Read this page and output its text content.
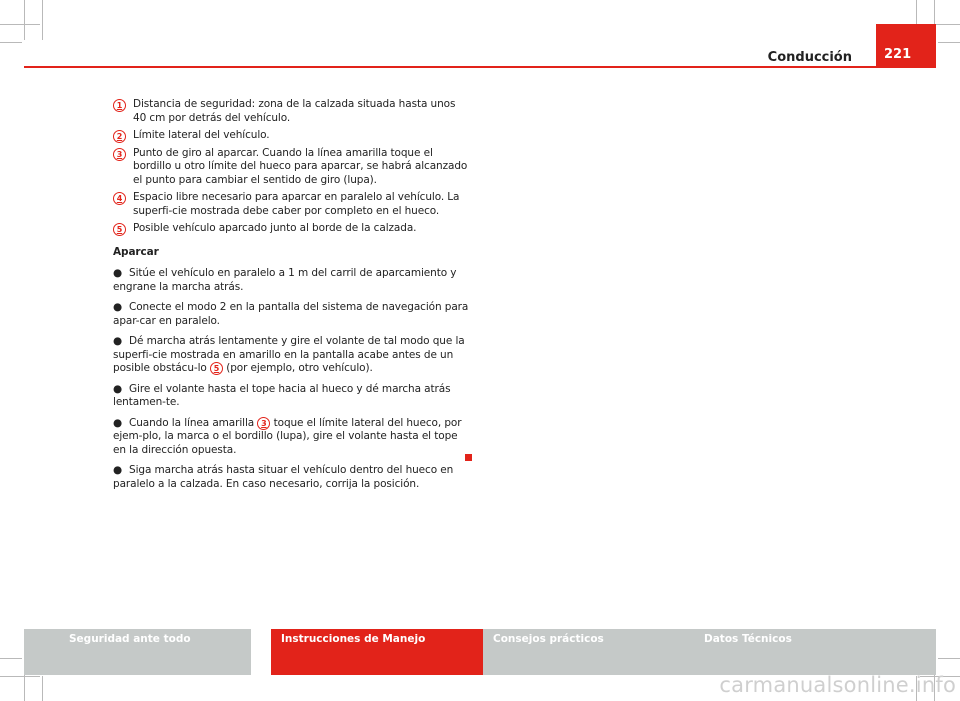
Conducción 221
1	Distancia de seguridad: zona de la calzada situada hasta unos 40 cm por detrás del vehículo.
2	Límite lateral del vehículo.
3	Punto de giro al aparcar. Cuando la línea amarilla toque el bordillo u otro límite del hueco para aparcar, se habrá alcanzado el punto para cambiar el sentido de giro (lupa).
4	Espacio libre necesario para aparcar en paralelo al vehículo. La superfi-cie mostrada debe caber por completo en el hueco.
5	Posible vehículo aparcado junto al borde de la calzada.
Aparcar

● Sitúe el vehículo en paralelo a 1 m del carril de aparcamiento y engrane la marcha atrás.

● Conecte el modo 2 en la pantalla del sistema de navegación para apar-car en paralelo.

● Dé marcha atrás lentamente y gire el volante de tal modo que la superfi-cie mostrada en amarillo en la pantalla acabe antes de un posible obstácu-lo 5 (por ejemplo, otro vehículo).

● Gire el volante hasta el tope hacia al hueco y dé marcha atrás lentamen-te.

● Cuando la línea amarilla 3 toque el límite lateral del hueco, por ejem-plo, la marca o el bordillo (lupa), gire el volante hasta el tope en la dirección opuesta.

● Siga marcha atrás hasta situar el vehículo dentro del hueco en paralelo a la calzada. En caso necesario, corrija la posición.

Seguridad ante todo	Instrucciones de Manejo	Consejos prácticos	Datos Técnicos
carmanualsonline.info
